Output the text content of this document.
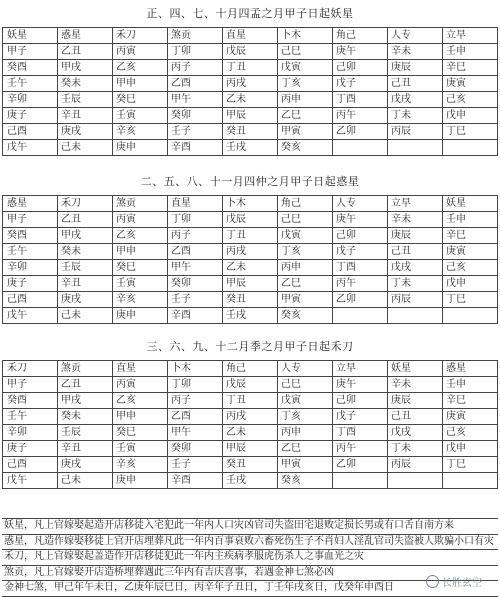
正、四、七、十月四孟之月甲子日起妖星
妖星	惑星	禾刀	煞贡	直星	卜木	角己	人专	立早
甲子	乙丑	丙寅	丁卯	戊辰	己巳	庚午	辛未	壬申
癸酉	甲戌	乙亥	丙子	丁丑	戊寅	己卯	庚辰	辛巳
壬午	癸未	甲申	乙酉	丙戌	丁亥	戊子	己丑	庚寅
辛卯	壬辰	癸巳	甲午	乙未	丙申	丁酉	戊戌	己亥
庚子	辛丑	壬寅	癸卯	甲辰	乙巳	丙午	丁未	戊申
己酉	庚戌	辛亥	壬子	癸丑	甲寅	乙卯	丙辰	丁巳
戊午	己未	庚申	辛酉	壬戌	癸亥			
二、五、八、十一月四仲之月甲子日起惑星
惑星	禾刀	煞贡	直星	卜木	角己	人专	立早	妖星
甲子	乙丑	丙寅	丁卯	戊辰	己巳	庚午	辛未	壬申
癸酉	甲戌	乙亥	丙子	丁丑	戊寅	己卯	庚辰	辛巳
壬午	癸未	甲申	乙酉	丙戌	丁亥	戊子	己丑	庚寅
辛卯	壬辰	癸巳	甲午	乙未	丙申	丁酉	戊戌	己亥
庚子	辛丑	壬寅	癸卯	甲辰	乙巳	丙午	丁未	戊申
己酉	庚戌	辛亥	壬子	癸丑	甲寅	乙卯	丙辰	丁巳
戊午	己未	庚申	辛酉	壬戌	癸亥			
三、六、九、十二月季之月甲子日起禾刀
禾刀	煞贡	直星	卜木	角己	人专	立早	妖星	惑星
甲子	乙丑	丙寅	丁卯	戊辰	己巳	庚午	辛未	壬申
癸酉	甲戌	乙亥	丙子	丁丑	戊寅	己卯	庚辰	辛巳
壬午	癸未	甲申	乙酉	丙戌	丁亥	戊子	己丑	庚寅
辛卯	壬辰	癸巳	甲午	乙未	丙申	丁酉	戊戌	己亥
庚子	辛丑	壬寅	癸卯	甲辰	乙巳	丙午	丁未	戊申
己酉	庚戌	辛亥	壬子	癸丑	甲寅	乙卯	丙辰	丁巳
戊午	己未	庚申	辛酉	壬戌	癸亥			
妖星，凡上官嫁娶起造开店移徒入宅犯此一年内人口灾凶官司失盗田宅退败定损长男或有口舌自南方来
惑星，凡造作嫁娶移徒上官开店埋葬凡此一年内百事衰败六畜死伤生子不肖妇人淫乱官司失盗被人欺骗小口有灾
禾刀，凡上官嫁娶起盖造作开店移徒犯此一年内主疾病孝服虎伤杀人之事血光之灾
煞贡，凡上官嫁娶开店造桥埋葬遇此三年内有吉庆喜事，若遇金神七煞必凶
金神七煞，甲己年午未日，乙庚年辰巳日，丙辛年子丑日，丁壬年戌亥日，戊癸年申酉日	长胜玄空
